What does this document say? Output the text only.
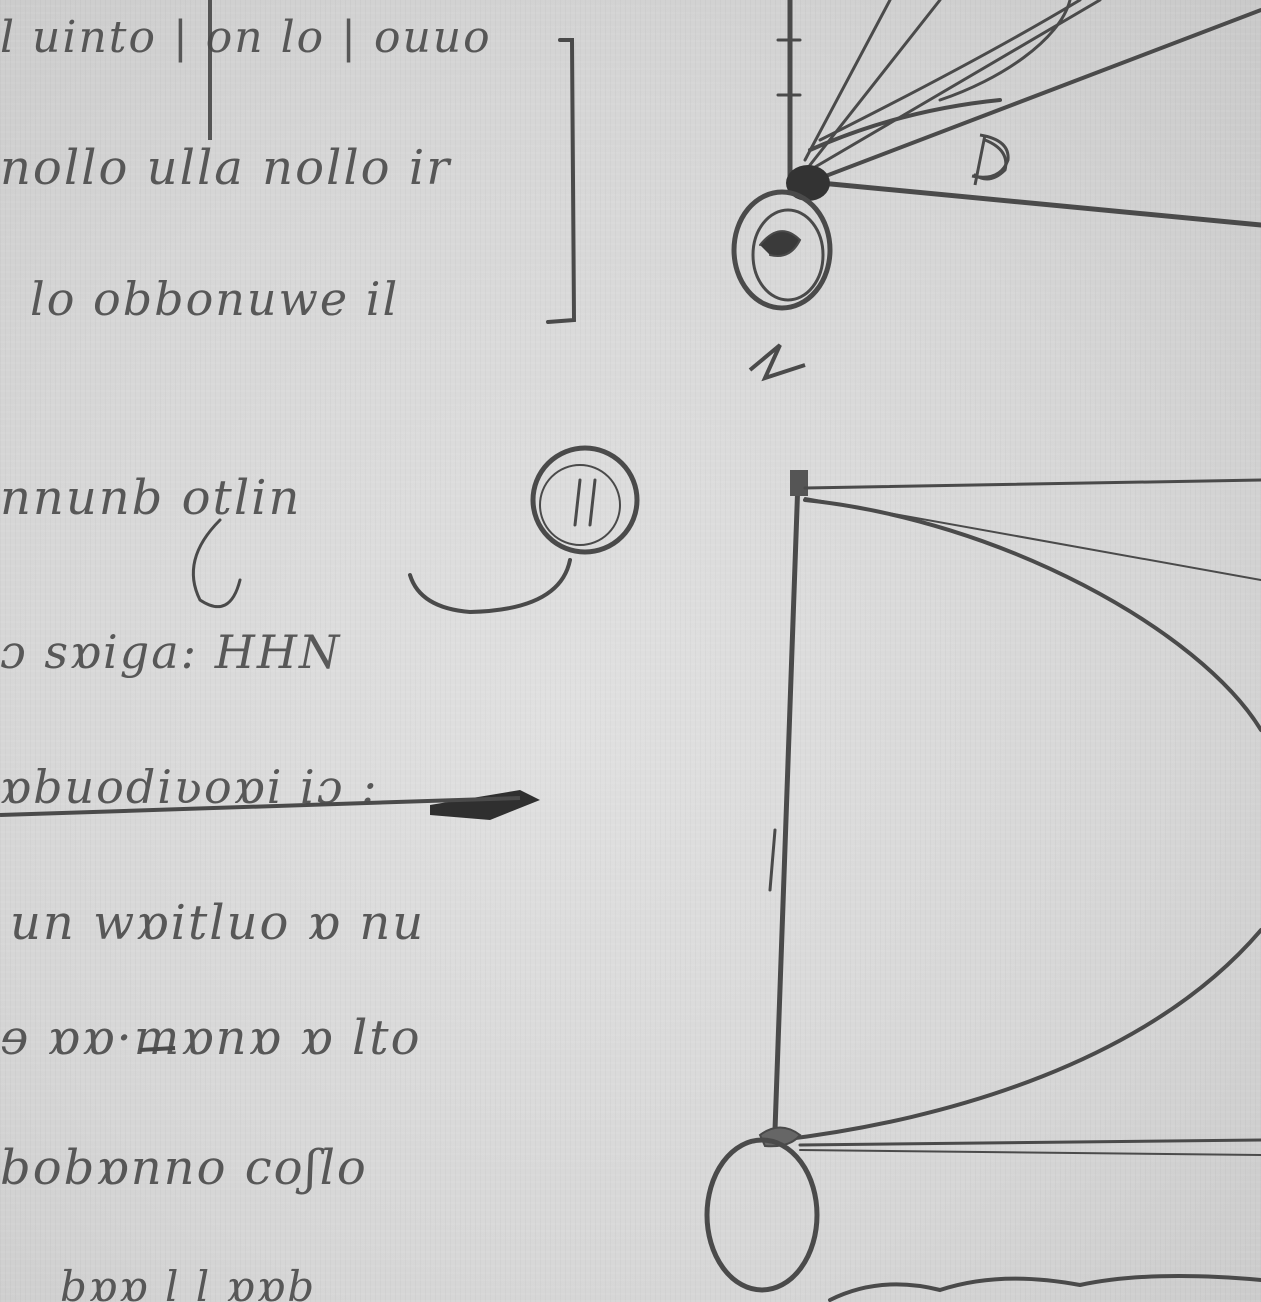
l uinto | on lo | ouuo
nollo ulla nollo ir
lo obbonuwe il
nnunb otlin
ɔ sɒiga: HHN
ɒbuodiʋoɒi iɔ :
un wɒitluo ɒ nu
ɘ ɒɒ·mɒnɒ ɒ lto
bobɒnno coʃlo
bɒɒ l l ɒɒb
